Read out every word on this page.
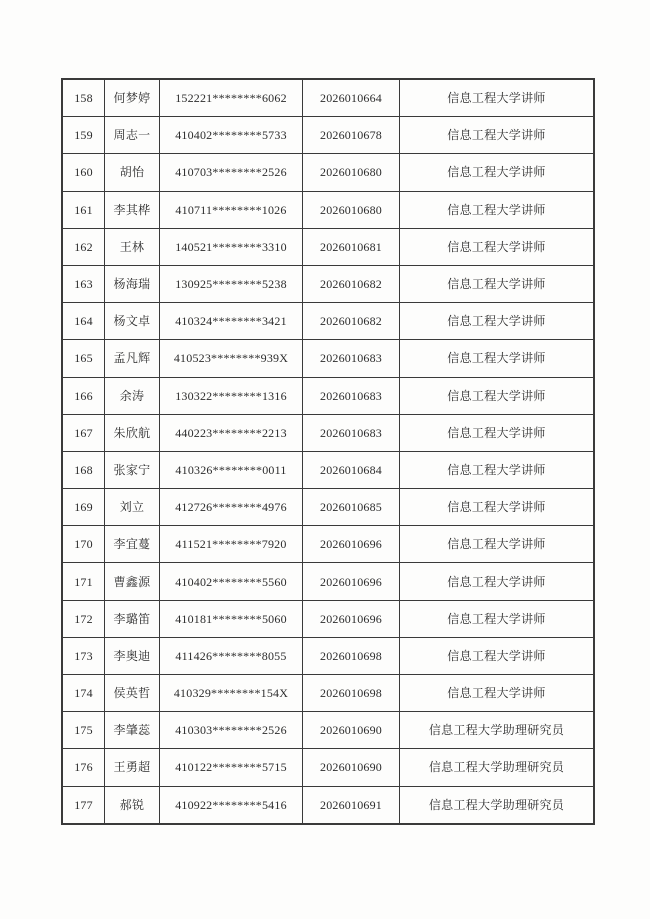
158	何梦婷	152221********6062	2026010664	信息工程大学讲师
159	周志一	410402********5733	2026010678	信息工程大学讲师
160	胡怡	410703********2526	2026010680	信息工程大学讲师
161	李其桦	410711********1026	2026010680	信息工程大学讲师
162	王林	140521********3310	2026010681	信息工程大学讲师
163	杨海瑞	130925********5238	2026010682	信息工程大学讲师
164	杨文卓	410324********3421	2026010682	信息工程大学讲师
165	孟凡辉	410523********939X	2026010683	信息工程大学讲师
166	余涛	130322********1316	2026010683	信息工程大学讲师
167	朱欣航	440223********2213	2026010683	信息工程大学讲师
168	张家宁	410326********0011	2026010684	信息工程大学讲师
169	刘立	412726********4976	2026010685	信息工程大学讲师
170	李宜蔓	411521********7920	2026010696	信息工程大学讲师
171	曹鑫源	410402********5560	2026010696	信息工程大学讲师
172	李璐笛	410181********5060	2026010696	信息工程大学讲师
173	李奥迪	411426********8055	2026010698	信息工程大学讲师
174	侯英哲	410329********154X	2026010698	信息工程大学讲师
175	李肇蕊	410303********2526	2026010690	信息工程大学助理研究员
176	王勇超	410122********5715	2026010690	信息工程大学助理研究员
177	郝锐	410922********5416	2026010691	信息工程大学助理研究员
